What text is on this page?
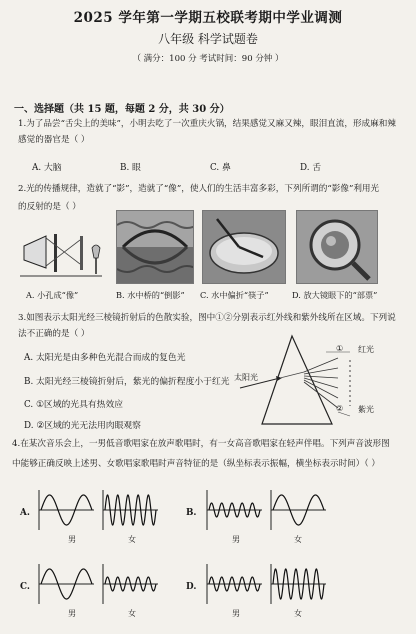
2025 学年第一学期五校联考期中学业调测
八年级 科学试题卷
（ 满分：100 分 考试时间：90 分钟 ）
一、选择题（共 15 题，每题 2 分，共 30 分）
1.为了品尝“舌尖上的美味”，小明去吃了一次重庆火锅，结果感觉又麻又辣，眼泪直流，形成麻和辣
感觉的器官是（ ）
A. 大脑	B. 眼	C. 鼻	D. 舌
2.光的传播规律，造就了“影”，造就了“像”，使人们的生活丰富多彩，下列所谓的“影像”利用光
的反射的是（ ）
A. 小孔成“像”	B. 水中桥的“倒影” C. 水中偏折“筷子”	D. 放大镜眼下的“部票”
3.如图表示太阳光经三棱镜折射后的色散实验，图中①②分别表示红外线和紫外线所在区域。下列说
法不正确的是（ ）
A. 太阳光是由多种色光混合而成的复色光
B. 太阳光经三棱镜折射后，紫光的偏折程度小于红光
C. ①区域的光具有热效应
D. ②区域的光无法用肉眼观察
太阳光
① 红光
② 紫光
4.在某次音乐会上，一男低音歌唱家在放声歌唱时，有一女高音歌唱家在轻声伴唱。下列声音波形图
中能够正确反映上述男、女歌唱家歌唱时声音特征的是（纵坐标表示振幅，横坐标表示时间）（ ）
A.	B.
C.	D.
男	女	男	女
男	女	男	女
